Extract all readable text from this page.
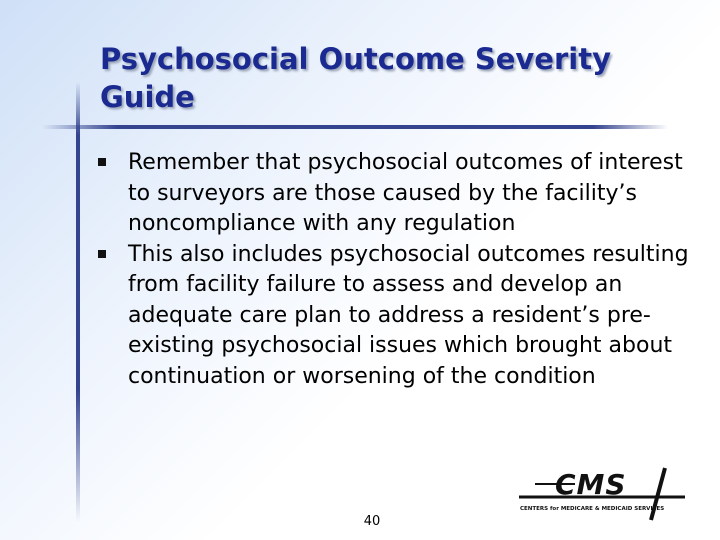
Psychosocial Outcome Severity Guide
Remember that psychosocial outcomes of interest to surveyors are those caused by the facility’s noncompliance with any regulation
This also includes psychosocial outcomes resulting from facility failure to assess and develop an adequate care plan to address a resident’s pre-existing psychosocial issues which brought about continuation or worsening of the condition
CMS
CENTERS for MEDICARE & MEDICAID SERVICES
40
